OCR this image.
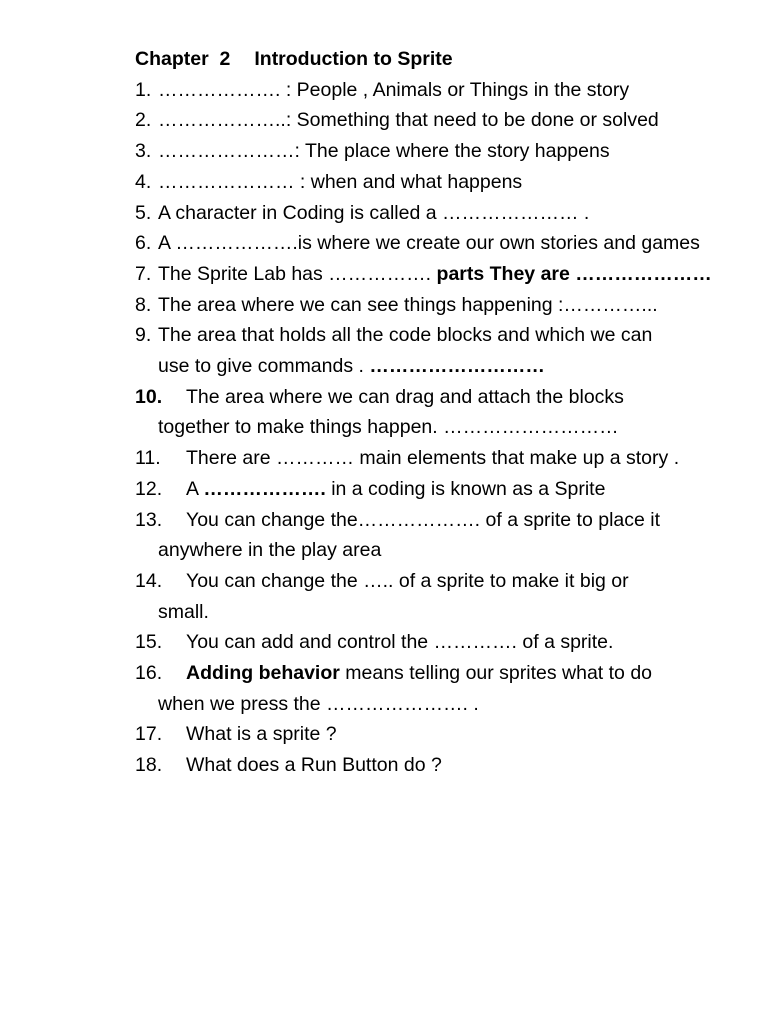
Chapter  2 Introduction to Sprite
1. ………………. : People , Animals or Things in the story
2. ………………..: Something that need to be done or solved
3. …………………: The place where the story happens
4. ………………… : when and what happens
5. A character in Coding is called a ………………… .
6. A ……………….is where we create our own stories and games
7. The Sprite Lab has ……………. parts They are …………………
8. The area where we can see things happening :…………...
9. The area that holds all the code blocks and which we can
use to give commands . ………………………
10.	The area where we can drag and attach the blocks
together to make things happen. ………………………
11.	There are ………… main elements that make up a story .
12.	A ………………. in a coding is known as a Sprite
13.	You can change the………………. of a sprite to place it
anywhere in the play area
14.	You can change the ….. of a sprite to make it big or
small.
15.	You can add and control the …………. of a sprite.
16.	Adding behavior means telling our sprites what to do
when we press the …………………. .
17.	What is a sprite ?
18.	What does a Run Button do ?
